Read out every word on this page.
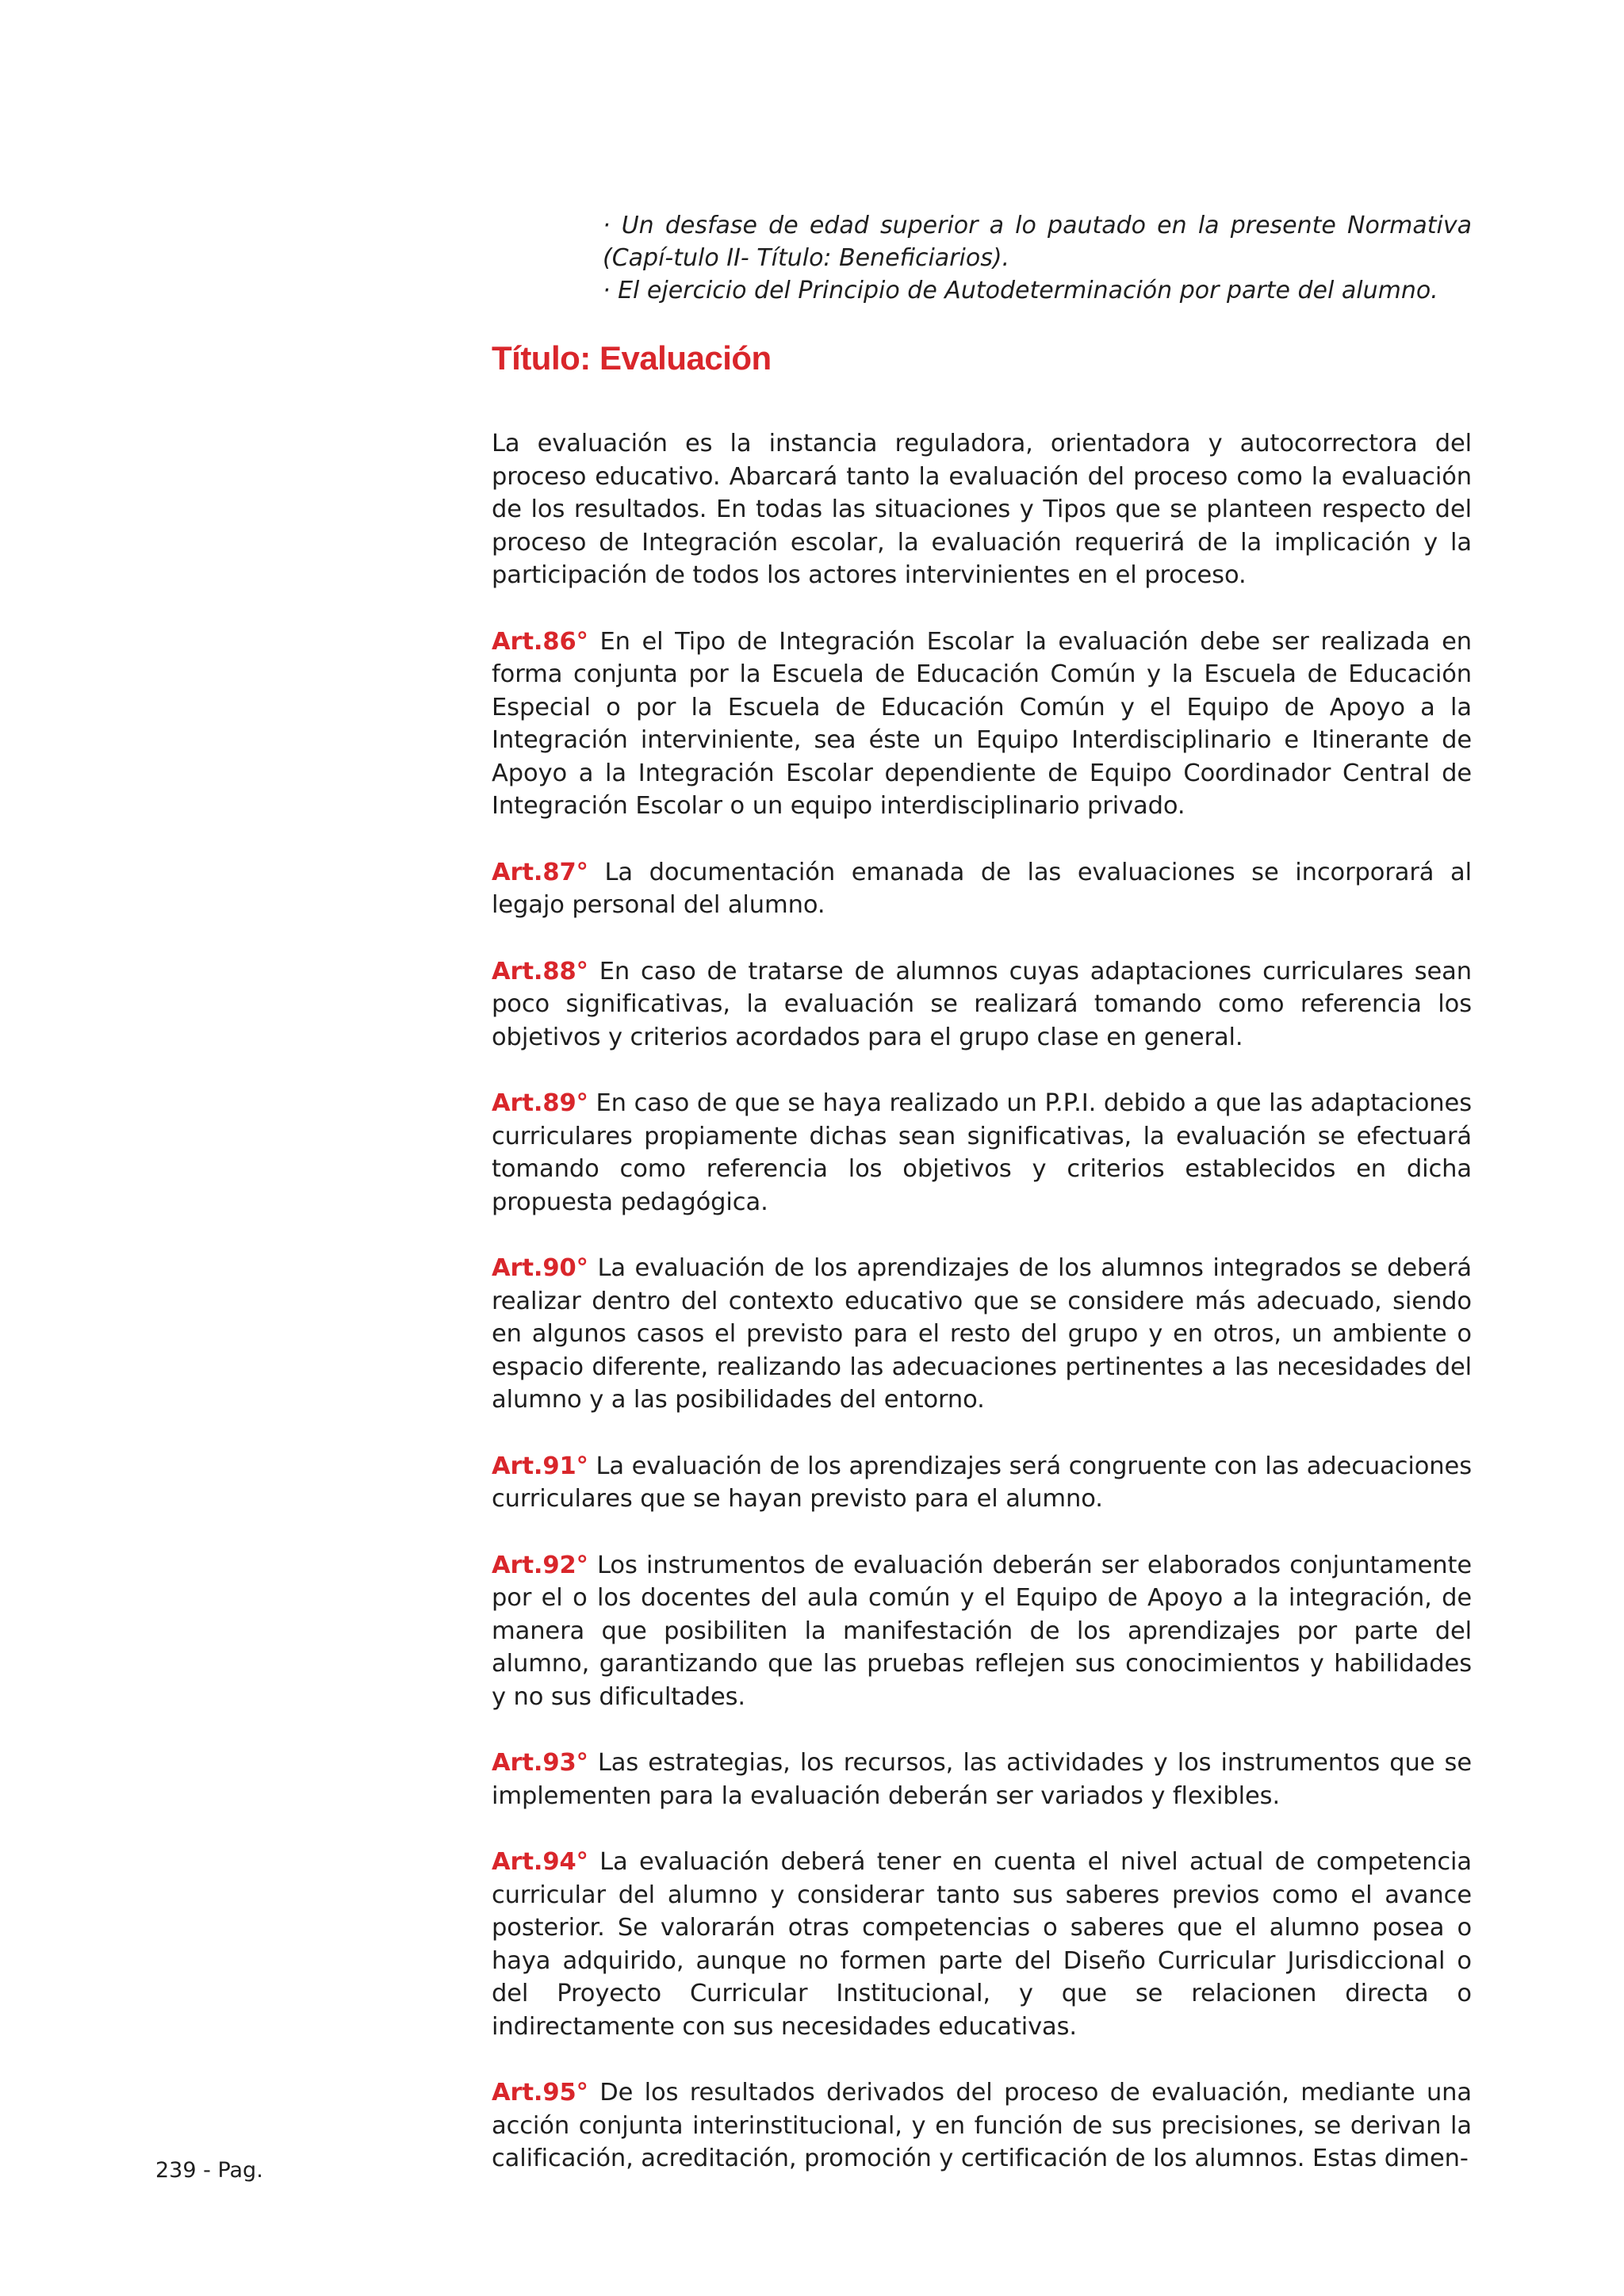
· Un desfase de edad superior a lo pautado en la presente Normativa (Capí-tulo II- Título: Beneficiarios).

· El ejercicio del Principio de Autodeterminación por parte del alumno.

Título: Evaluación

La evaluación es la instancia reguladora, orientadora y autocorrectora del proceso educativo. Abarcará tanto la evaluación del proceso como la evaluación de los resultados. En todas las situaciones y Tipos que se planteen respecto del proceso de Integración escolar, la evaluación requerirá de la implicación y la participación de todos los actores intervinientes en el proceso.

Art.86° En el Tipo de Integración Escolar la evaluación debe ser realizada en forma conjunta por la Escuela de Educación Común y la Escuela de Educación Especial o por la Escuela de Educación Común y el Equipo de Apoyo a la Integración interviniente, sea éste un Equipo Interdisciplinario e Itinerante de Apoyo a la Integración Escolar dependiente de Equipo Coordinador Central de Integración Escolar o un equipo interdisciplinario privado.

Art.87° La documentación emanada de las evaluaciones se incorporará al legajo personal del alumno.

Art.88° En caso de tratarse de alumnos cuyas adaptaciones curriculares sean poco significativas, la evaluación se realizará tomando como referencia los objetivos y criterios acordados para el grupo clase en general.

Art.89° En caso de que se haya realizado un P.P.I. debido a que las adaptaciones curriculares propiamente dichas sean significativas, la evaluación se efectuará tomando como referencia los objetivos y criterios establecidos en dicha propuesta pedagógica.

Art.90° La evaluación de los aprendizajes de los alumnos integrados se deberá realizar dentro del contexto educativo que se considere más adecuado, siendo en algunos casos el previsto para el resto del grupo y en otros, un ambiente o espacio diferente, realizando las adecuaciones pertinentes a las necesidades del alumno y a las posibilidades del entorno.

Art.91° La evaluación de los aprendizajes será congruente con las adecuaciones curriculares que se hayan previsto para el alumno.

Art.92° Los instrumentos de evaluación deberán ser elaborados conjuntamente por el o los docentes del aula común y el Equipo de Apoyo a la integración, de manera que posibiliten la manifestación de los aprendizajes por parte del alumno, garantizando que las pruebas reflejen sus conocimientos y habilidades y no sus dificultades.

Art.93° Las estrategias, los recursos, las actividades y los instrumentos que se implementen para la evaluación deberán ser variados y flexibles.

Art.94° La evaluación deberá tener en cuenta el nivel actual de competencia curricular del alumno y considerar tanto sus saberes previos como el avance posterior. Se valorarán otras competencias o saberes que el alumno posea o haya adquirido, aunque no formen parte del Diseño Curricular Jurisdiccional o del Proyecto Curricular Institucional, y que se relacionen directa o indirectamente con sus necesidades educativas.

Art.95° De los resultados derivados del proceso de evaluación, mediante una acción conjunta interinstitucional, y en función de sus precisiones, se derivan la calificación, acreditación, promoción y certificación de los alumnos. Estas dimen-

239 - Pag.
